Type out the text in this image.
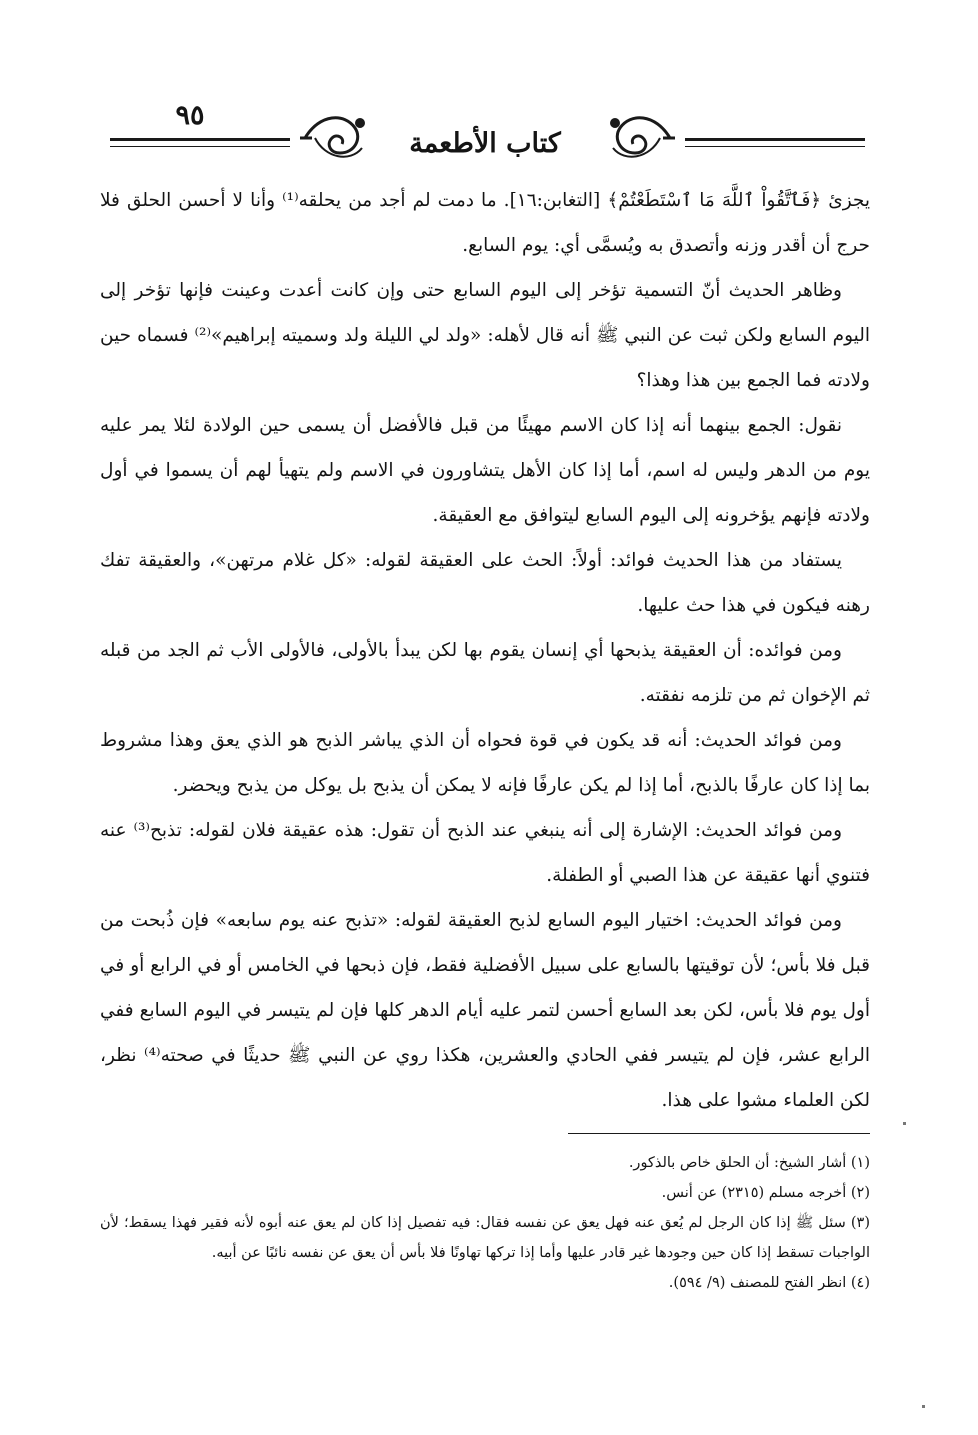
٩٥
كتاب الأطعمة

يجزئ ﴿فَٱتَّقُواْ ٱللَّهَ مَا ٱسْتَطَعْتُمْ﴾ [التغابن:١٦]. ما دمت لم أجد من يحلقه⁽¹⁾ وأنا لا أحسن الحلق فلا حرج أن أقدر وزنه وأتصدق به ويُسمَّى أي: يوم السابع.

وظاهر الحديث أنّ التسمية تؤخر إلى اليوم السابع حتى وإن كانت أعدت وعينت فإنها تؤخر إلى اليوم السابع ولكن ثبت عن النبي ﷺ أنه قال لأهله: «ولد لي الليلة ولد وسميته إبراهيم»⁽²⁾ فسماه حين ولادته فما الجمع بين هذا وهذا؟

نقول: الجمع بينهما أنه إذا كان الاسم مهيئًا من قبل فالأفضل أن يسمى حين الولادة لئلا يمر عليه يوم من الدهر وليس له اسم، أما إذا كان الأهل يتشاورون في الاسم ولم يتهيأ لهم أن يسموا في أول ولادته فإنهم يؤخرونه إلى اليوم السابع ليتوافق مع العقيقة.

يستفاد من هذا الحديث فوائد: أولاً: الحث على العقيقة لقوله: «كل غلام مرتهن»، والعقيقة تفك رهنه فيكون في هذا حث عليها.

ومن فوائده: أن العقيقة يذبحها أي إنسان يقوم بها لكن يبدأ بالأولى، فالأولى الأب ثم الجد من قبله ثم الإخوان ثم من تلزمه نفقته.

ومن فوائد الحديث: أنه قد يكون في قوة فحواه أن الذي يباشر الذبح هو الذي يعق وهذا مشروط بما إذا كان عارفًا بالذبح، أما إذا لم يكن عارفًا فإنه لا يمكن أن يذبح بل يوكل من يذبح ويحضر.

ومن فوائد الحديث: الإشارة إلى أنه ينبغي عند الذبح أن تقول: هذه عقيقة فلان لقوله: تذبح⁽³⁾ عنه فتنوي أنها عقيقة عن هذا الصبي أو الطفلة.

ومن فوائد الحديث: اختيار اليوم السابع لذبح العقيقة لقوله: «تذبح عنه يوم سابعه» فإن ذُبحت من قبل فلا بأس؛ لأن توقيتها بالسابع على سبيل الأفضلية فقط، فإن ذبحها في الخامس أو في الرابع أو في أول يوم فلا بأس، لكن بعد السابع أحسن لتمر عليه أيام الدهر كلها فإن لم يتيسر في اليوم السابع ففي الرابع عشر، فإن لم يتيسر ففي الحادي والعشرين، هكذا روي عن النبي ﷺ حديثًا في صحته⁽⁴⁾ نظر، لكن العلماء مشوا على هذا.

(١) أشار الشيخ: أن الحلق خاص بالذكور.

(٢) أخرجه مسلم (٢٣١٥) عن أنس.

(٣) سئل ﷺ إذا كان الرجل لم يُعق عنه فهل يعق عن نفسه فقال: فيه تفصيل إذا كان لم يعق عنه أبوه لأنه فقير فهذا يسقط؛ لأن الواجبات تسقط إذا كان حين وجودها غير قادر عليها وأما إذا تركها تهاونًا فلا بأس أن يعق عن نفسه نائبًا عن أبيه.

(٤) انظر الفتح للمصنف (٩/ ٥٩٤).
